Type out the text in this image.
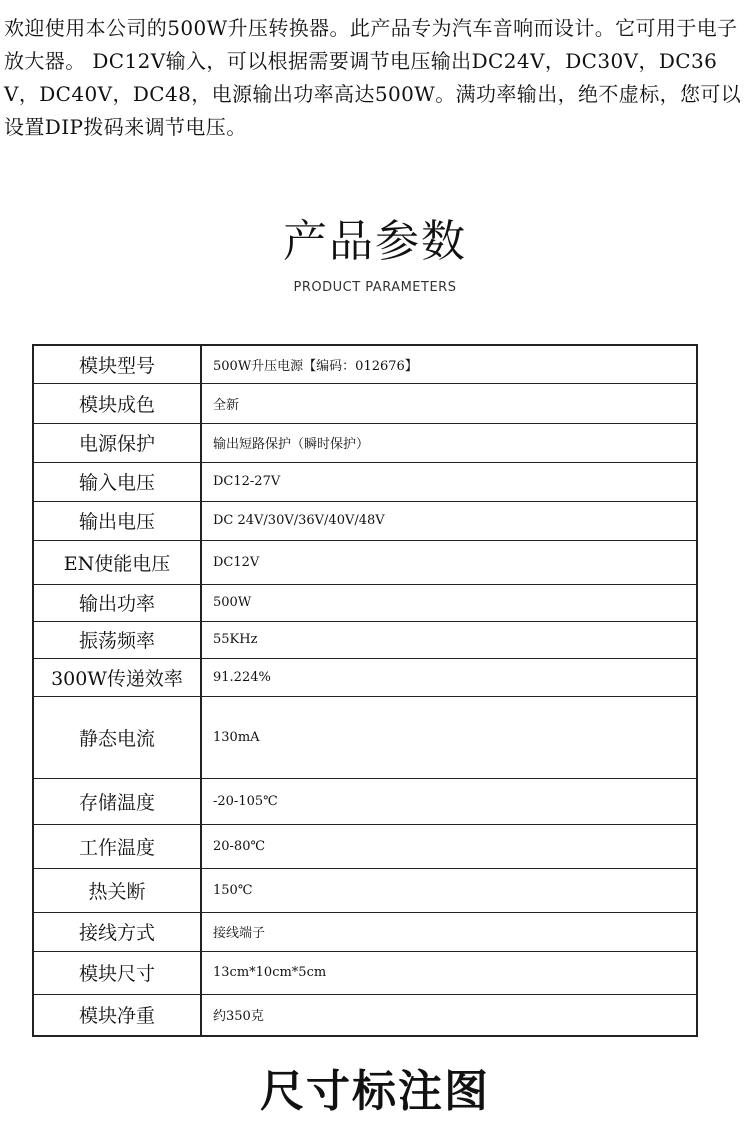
欢迎使用本公司的500W升压转换器。此产品专为汽车音响而设计。它可用于电子放大器。 DC12V输入，可以根据需要调节电压输出DC24V，DC30V，DC36V，DC40V，DC48，电源输出功率高达500W。满功率输出，绝不虚标，您可以设置DIP拨码来调节电压。

产品参数
PRODUCT PARAMETERS
模块型号	500W升压电源【编码：012676】
模块成色	全新
电源保护	输出短路保护（瞬时保护）
输入电压	DC12-27V
输出电压	DC 24V/30V/36V/40V/48V
EN使能电压	DC12V
输出功率	500W
振荡频率	55KHz
300W传递效率	91.224%
静态电流	130mA
存储温度	-20-105℃
工作温度	20-80℃
热关断	150℃
接线方式	接线端子
模块尺寸	13cm*10cm*5cm
模块净重	约350克
尺寸标注图
